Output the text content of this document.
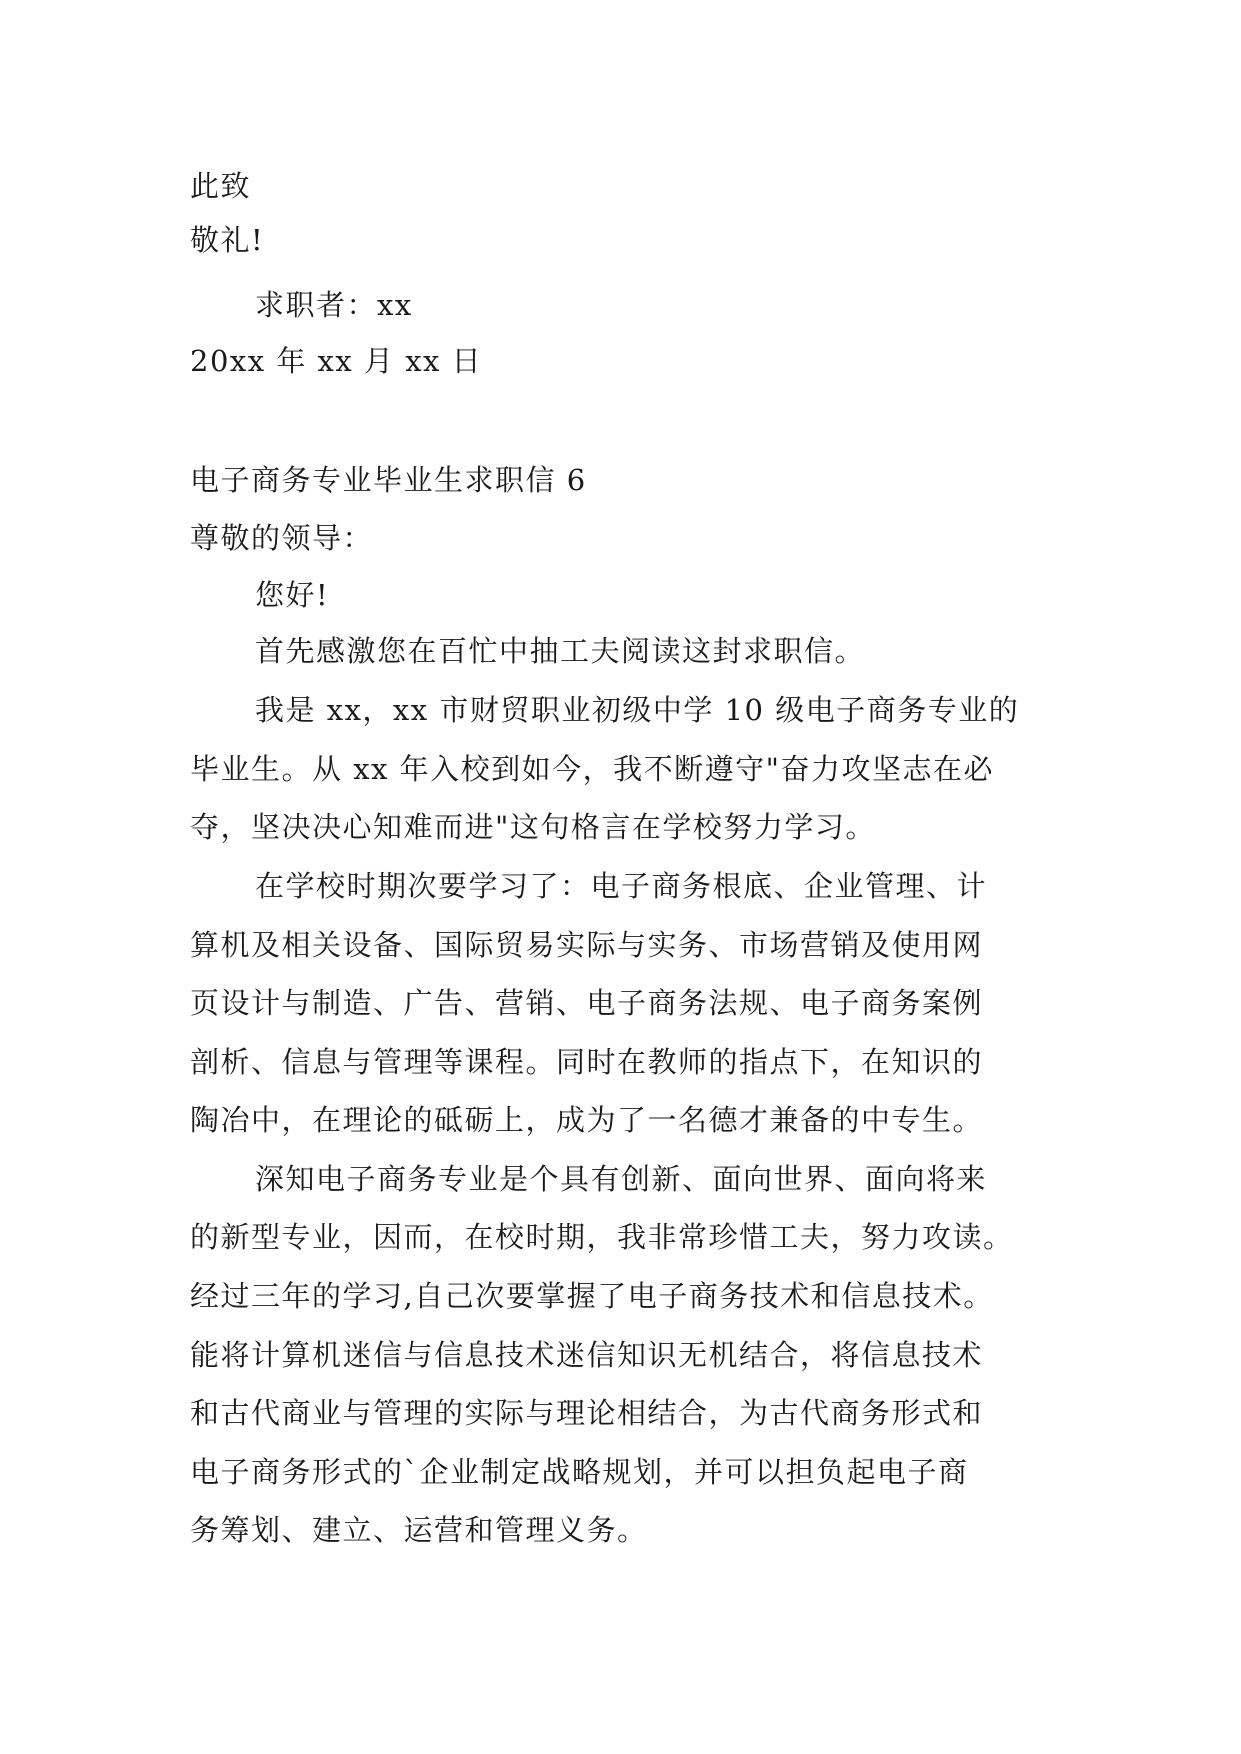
此致
敬礼!
求职者：xx
20xx 年 xx 月 xx 日
电子商务专业毕业生求职信 6
尊敬的领导：
您好!
首先感激您在百忙中抽工夫阅读这封求职信。
我是 xx，xx 市财贸职业初级中学 10 级电子商务专业的
毕业生。从 xx 年入校到如今，我不断遵守"奋力攻坚志在必
夺，坚决决心知难而进"这句格言在学校努力学习。
在学校时期次要学习了：电子商务根底、企业管理、计
算机及相关设备、国际贸易实际与实务、市场营销及使用网
页设计与制造、广告、营销、电子商务法规、电子商务案例
剖析、信息与管理等课程。同时在教师的指点下，在知识的
陶冶中，在理论的砥砺上，成为了一名德才兼备的中专生。
深知电子商务专业是个具有创新、面向世界、面向将来
的新型专业，因而，在校时期，我非常珍惜工夫，努力攻读。
经过三年的学习,自己次要掌握了电子商务技术和信息技术。
能将计算机迷信与信息技术迷信知识无机结合，将信息技术
和古代商业与管理的实际与理论相结合，为古代商务形式和
电子商务形式的`企业制定战略规划，并可以担负起电子商
务筹划、建立、运营和管理义务。
